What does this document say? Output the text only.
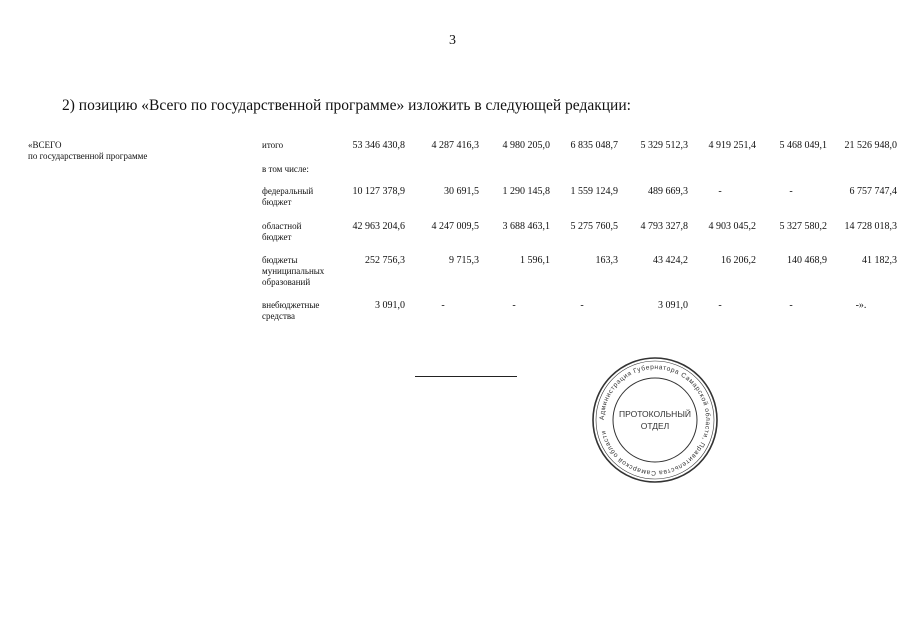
3
2) позицию «Всего по государственной программе» изложить в следующей редакции:
«ВСЕГО
по государственной программе
итого	53 346 430,8	4 287 416,3	4 980 205,0	6 835 048,7	5 329 512,3	4 919 251,4	5 468 049,1	21 526 948,0
в том числе:
федеральный
бюджет
10 127 378,9	30 691,5	1 290 145,8	1 559 124,9	489 669,3	-	-	6 757 747,4
областной
бюджет
42 963 204,6	4 247 009,5	3 688 463,1	5 275 760,5	4 793 327,8	4 903 045,2	5 327 580,2	14 728 018,3
бюджеты
муниципальных
образований
252 756,3	9 715,3	1 596,1	163,3	43 424,2	16 206,2	140 468,9	41 182,3
внебюджетные
средства
3 091,0	-	-	-	3 091,0	-	-	-».
Администрация Губернатора Самарской области, Правительства Самарской области
ПРОТОКОЛЬНЫЙ
ОТДЕЛ
